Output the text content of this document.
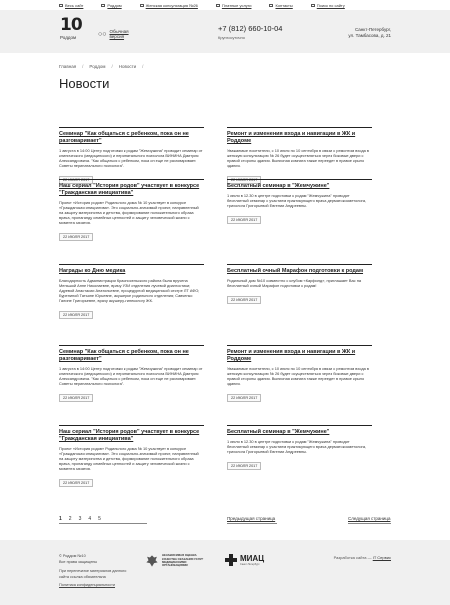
Весь сайт	Роддом	Женская консультация №26	Платные услуги	Контакты	Поиск по сайту
10
Роддом	○○ Обычная
версия
+7 (812) 660-10-04
Круглосуточно
Санкт-Петербург,
ул. Тамбасова, д. 21
Главная / Роддом / Новости /
Новости
Семинар "Как общаться с ребенком, пока он не разговаривает"
1 августа в 14:00 Центр подготовки к родам "Жемчужина" проводит семинар от клинического (медицинского) и перинатального психолога ВИНИНА Дмитрия Александровича. "Как общаться с ребенком, пока он еще не разговаривает. Советы перинатального психолога".
22 ИЮЛЯ 2017
Ремонт и изменения входа и навигации в ЖК и Роддоме
Уважаемые посетители, с 10 июля по 10 сентября в связи с ремонтом входа в женскую консультацию № 26 будет осуществляться через боковые двери с правой стороны здания. Выписная комната также переедет в правое крыло здания.
22 ИЮЛЯ 2017
Наш сериал "История родов" участвует в конкурсе "Гражданская инициатива"
Проект «История родов» Родильного дома № 10 участвует в конкурсе «Гражданская инициатива». Это социально-значимый проект, направленный на защиту материнства и детства, формирование положительного образа врача, пропаганду семейных ценностей и защиту человеческой жизни с момента зачатия.
22 ИЮЛЯ 2017
Бесплатный семинар в "Жемчужине"
1 июля в 12.30 в центре подготовки к родам "Жемчужина" проводит бесплатный семинар с участием практикующего врача дерматокосметолога, трихолога Григорьевой Евгении Андреевны.
22 ИЮЛЯ 2017
Награды ко Дню медика
Благодарность Администрации Красносельского района была вручена Меньшой Анне Николаевне, врачу УЗИ отделения лучевой диагностики; Адуевой Анастасии Анатольевне, процедурной медицинской сестре ЛТ АФО; Бурениной Татьяне Юрьевне, акушерке родильного отделения; Савченко Галине Григорьевне, врачу акушеру-гинекологу ЖК.
22 ИЮЛЯ 2017
Бесплатный очный Марафон подготовки к родам
Родильный дом №10 совместно с клубом «Карфилд», приглашает Вас на бесплатный очный Марафон подготовки к родам!
22 ИЮЛЯ 2017
Семинар "Как общаться с ребенком, пока он не разговаривает"
1 августа в 14:00 Центр подготовки к родам "Жемчужина" проводит семинар от клинического (медицинского) и перинатального психолога ВИНИНА Дмитрия Александровича. "Как общаться с ребенком, пока он еще не разговаривает. Советы перинатального психолога".
22 ИЮЛЯ 2017
Ремонт и изменения входа и навигации в ЖК и Роддоме
Уважаемые посетители, с 10 июля по 10 сентября в связи с ремонтом входа в женскую консультацию № 26 будет осуществляться через боковые двери с правой стороны здания. Выписная комната также переедет в правое крыло здания.
22 ИЮЛЯ 2017
Наш сериал "История родов" участвует в конкурсе "Гражданская инициатива"
Проект «История родов» Родильного дома № 10 участвует в конкурсе «Гражданская инициатива». Это социально-значимый проект, направленный на защиту материнства и детства, формирование положительного образа врача, пропаганду семейных ценностей и защиту человеческой жизни с момента зачатия.
22 ИЮЛЯ 2017
Бесплатный семинар в "Жемчужине"
1 июля в 12.30 в центре подготовки к родам "Жемчужина" проводит бесплатный семинар с участием практикующего врача дерматокосметолога, трихолога Григорьевой Евгении Андреевны.
22 ИЮЛЯ 2017
1 2 3 4 5	Предыдущая страница	Следущая страница
© Роддом №10
Все права защищены
При перепечатке материалов данного сайта ссылка обязательна
Политика конфиденциальности
НЕЗАВИСИМАЯ ОЦЕНКА КАЧЕСТВА ОКАЗАНИЯ УСЛУГ МЕДИЦИНСКИМИ ОРГАНИЗАЦИЯМИ
МИАЦ
Санкт-Петербург
Разработка сайта — IT Сервис
